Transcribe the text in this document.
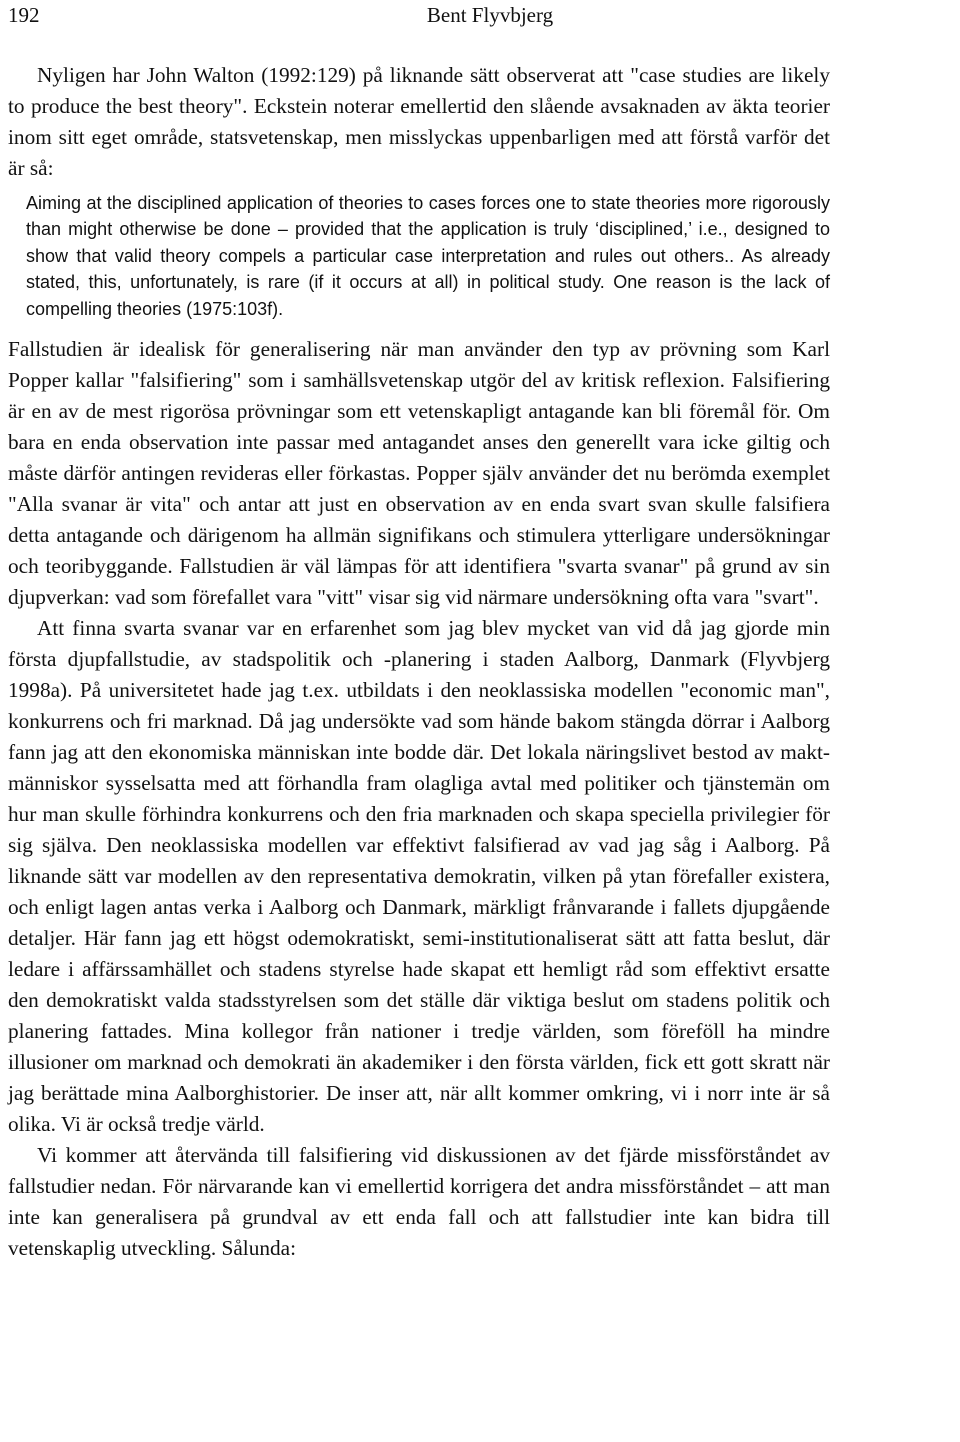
192	Bent Flyvbjerg

Nyligen har John Walton (1992:129) på liknande sätt observerat att "case studies are likely to produce the best theory". Eckstein noterar emellertid den slående avsaknaden av äkta teorier inom sitt eget område, statsvetenskap, men misslyckas uppenbarligen med att förstå varför det är så:

Aiming at the disciplined application of theories to cases forces one to state theories more rigorously than might otherwise be done – provided that the application is truly ‘disciplined,’ i.e., designed to show that valid theory compels a particular case interpretation and rules out others.. As already stated, this, unfortunately, is rare (if it occurs at all) in political study. One reason is the lack of compelling theories (1975:103f).

Fallstudien är idealisk för generalisering när man använder den typ av prövning som Karl Popper kallar "falsifiering" som i samhällsvetenskap utgör del av kritisk reflexion. Falsifiering är en av de mest rigorösa prövningar som ett vetenskapligt antagande kan bli föremål för. Om bara en enda observation inte passar med antagandet anses den generellt vara icke giltig och måste därför antingen revideras eller förkastas. Popper själv använder det nu berömda exemplet "Alla svanar är vita" och antar att just en observation av en enda svart svan skulle falsifiera detta antagande och därigenom ha allmän signifikans och stimulera ytterligare undersökningar och teoribyggande. Fallstudien är väl lämpas för att identifiera "svarta svanar" på grund av sin djupverkan: vad som förefallet vara "vitt" visar sig vid närmare undersökning ofta vara "svart".

Att finna svarta svanar var en erfarenhet som jag blev mycket van vid då jag gjorde min första djupfallstudie, av stadspolitik och -planering i staden Aalborg, Danmark (Flyvbjerg 1998a). På universitetet hade jag t.ex. utbildats i den neoklassiska modellen "economic man", konkurrens och fri marknad. Då jag undersökte vad som hände bakom stängda dörrar i Aalborg fann jag att den ekonomiska människan inte bodde där. Det lokala näringslivet bestod av maktmänniskor sysselsatta med att förhandla fram olagliga avtal med politiker och tjänstemän om hur man skulle förhindra konkurrens och den fria marknaden och skapa speciella privilegier för sig själva. Den neoklassiska modellen var effektivt falsifierad av vad jag såg i Aalborg. På liknande sätt var modellen av den representativa demokratin, vilken på ytan förefaller existera, och enligt lagen antas verka i Aalborg och Danmark, märkligt frånvarande i fallets djupgående detaljer. Här fann jag ett högst odemokratiskt, semi-institutionaliserat sätt att fatta beslut, där ledare i affärssamhället och stadens styrelse hade skapat ett hemligt råd som effektivt ersatte den demokratiskt valda stadsstyrelsen som det ställe där viktiga beslut om stadens politik och planering fattades. Mina kollegor från nationer i tredje världen, som föreföll ha mindre illusioner om marknad och demokrati än akademiker i den första världen, fick ett gott skratt när jag berättade mina Aalborghistorier. De inser att, när allt kommer omkring, vi i norr inte är så olika. Vi är också tredje värld.

Vi kommer att återvända till falsifiering vid diskussionen av det fjärde missförståndet av fallstudier nedan. För närvarande kan vi emellertid korrigera det andra missförståndet – att man inte kan generalisera på grundval av ett enda fall och att fallstudier inte kan bidra till vetenskaplig utveckling. Sålunda:
